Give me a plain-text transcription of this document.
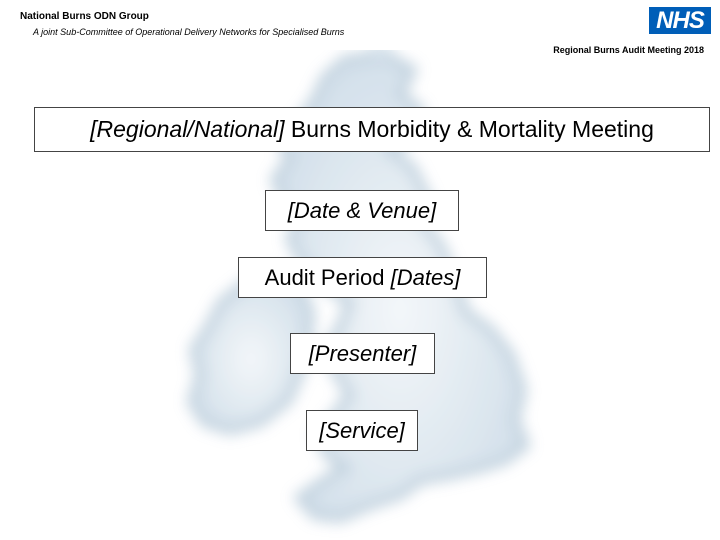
National Burns ODN Group
A joint Sub-Committee of Operational Delivery Networks for Specialised Burns
Regional Burns Audit Meeting 2018
NHS
[Regional/National] Burns Morbidity & Mortality Meeting
[Date & Venue]
Audit Period [Dates]
[Presenter]
[Service]
